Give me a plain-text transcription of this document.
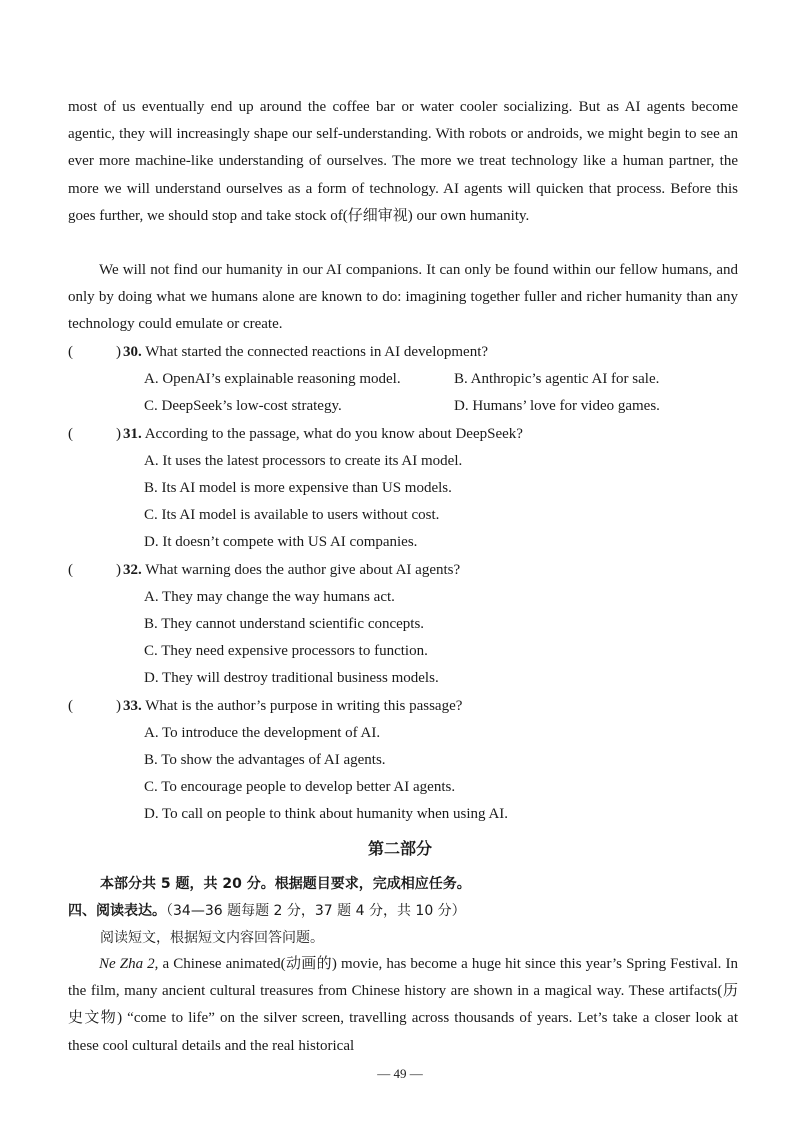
most of us eventually end up around the coffee bar or water cooler socializing. But as AI agents become agentic, they will increasingly shape our self-understanding. With robots or androids, we might begin to see an ever more machine-like understanding of ourselves. The more we treat technology like a human partner, the more we will understand ourselves as a form of technology. AI agents will quicken that process. Before this goes further, we should stop and take stock of(仔细审视) our own humanity.

We will not find our humanity in our AI companions. It can only be found within our fellow humans, and only by doing what we humans alone are known to do: imagining together fuller and richer humanity than any technology could emulate or create.

(	) 30. What started the connected reactions in AI development?
A. OpenAI’s explainable reasoning model.	B. Anthropic’s agentic AI for sale.
C. DeepSeek’s low-cost strategy.	D. Humans’ love for video games.
(	) 31. According to the passage, what do you know about DeepSeek?
A. It uses the latest processors to create its AI model.
B. Its AI model is more expensive than US models.
C. Its AI model is available to users without cost.
D. It doesn’t compete with US AI companies.
(	) 32. What warning does the author give about AI agents?
A. They may change the way humans act.
B. They cannot understand scientific concepts.
C. They need expensive processors to function.
D. They will destroy traditional business models.
(	) 33. What is the author’s purpose in writing this passage?
A. To introduce the development of AI.
B. To show the advantages of AI agents.
C. To encourage people to develop better AI agents.
D. To call on people to think about humanity when using AI.
第二部分
本部分共 5 题，共 20 分。根据题目要求，完成相应任务。
四、阅读表达。（34—36 题每题 2 分，37 题 4 分，共 10 分）
阅读短文，根据短文内容回答问题。

Ne Zha 2, a Chinese animated(动画的) movie, has become a huge hit since this year’s Spring Festival. In the film, many ancient cultural treasures from Chinese history are shown in a magical way. These artifacts(历史文物) “come to life” on the silver screen, travelling across thousands of years. Let’s take a closer look at these cool cultural details and the real historical

— 49 —
